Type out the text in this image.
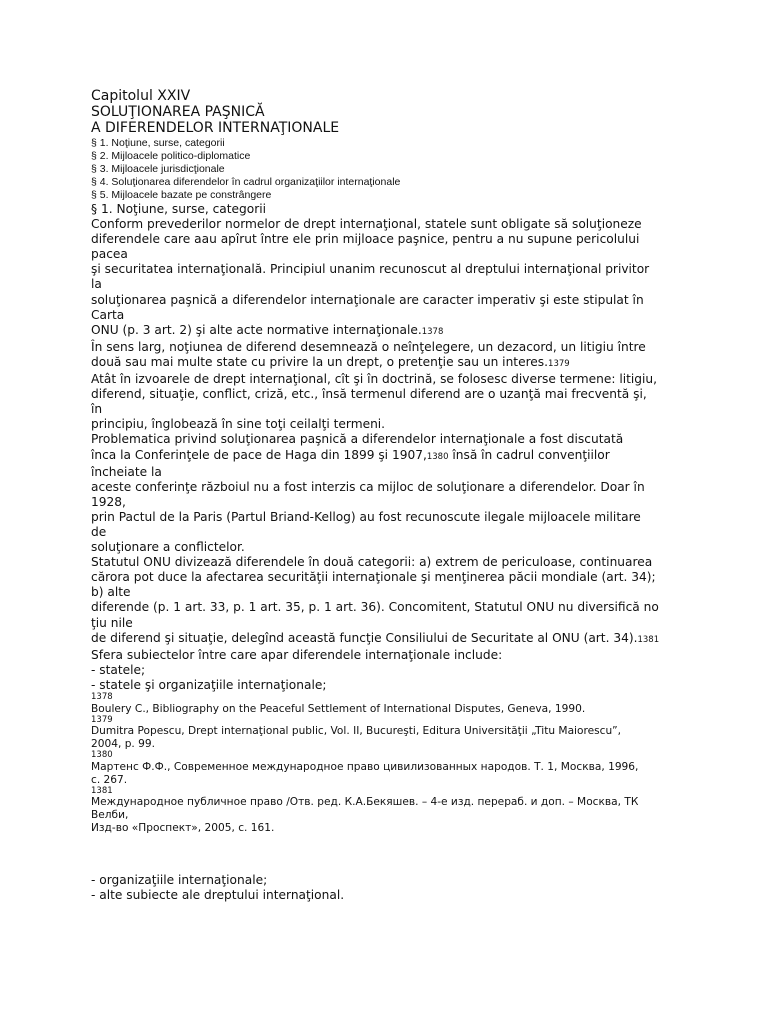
Capitolul XXIV
SOLUŢIONAREA PAŞNICĂ
A DIFERENDELOR INTERNAŢIONALE
§ 1. Noţiune, surse, categorii
§ 2. Mijloacele politico-diplomatice
§ 3. Mijloacele jurisdicţionale
§ 4. Soluţionarea diferendelor în cadrul organizaţiilor internaţionale
§ 5. Mijloacele bazate pe constrângere
§ 1. Noţiune, surse, categorii
Conform prevederilor normelor de drept internaţional, statele sunt obligate să soluţioneze
diferendele care aau apîrut între ele prin mijloace paşnice, pentru a nu supune pericolului
pacea
şi securitatea internaţională. Principiul unanim recunoscut al dreptului internaţional privitor
la
soluţionarea paşnică a diferendelor internaţionale are caracter imperativ şi este stipulat în
Carta
ONU (p. 3 art. 2) şi alte acte normative internaţionale.1378
În sens larg, noţiunea de diferend desemnează o neînţelegere, un dezacord, un litigiu între
două sau mai multe state cu privire la un drept, o pretenţie sau un interes.1379
Atât în izvoarele de drept internaţional, cît şi în doctrină, se folosesc diverse termene: litigiu,
diferend, situaţie, conflict, criză, etc., însă termenul diferend are o uzanţă mai frecventă şi,
în
principiu, înglobează în sine toţi ceilalţi termeni.
Problematica privind soluţionarea paşnică a diferendelor internaţionale a fost discutată
înca la Conferinţele de pace de Haga din 1899 şi 1907,1380 însă în cadrul convenţiilor
încheiate la
aceste conferinţe războiul nu a fost interzis ca mijloc de soluţionare a diferendelor. Doar în
1928,
prin Pactul de la Paris (Partul Briand-Kellog) au fost recunoscute ilegale mijloacele militare
de
soluţionare a conflictelor.
Statutul ONU divizează diferendele în două categorii: a) extrem de periculoase, continuarea
cărora pot duce la afectarea securităţii internaţionale şi menţinerea păcii mondiale (art. 34);
b) alte
diferende (p. 1 art. 33, p. 1 art. 35, p. 1 art. 36). Concomitent, Statutul ONU nu diversifică no
ţiu nile
de diferend şi situaţie, delegînd această funcţie Consiliului de Securitate al ONU (art. 34).1381
Sfera subiectelor între care apar diferendele internaţionale include:
- statele;
- statele şi organizaţiile internaţionale;
1378
Boulery C., Bibliography on the Peaceful Settlement of International Disputes, Geneva, 1990.
1379
Dumitra Popescu, Drept internaţional public, Vol. II, Bucureşti, Editura Universităţii „Titu Maiorescu”,
2004, p. 99.
1380
Мартенс Ф.Ф., Современное международное право цивилизованных народов. Т. 1, Москва, 1996,
с. 267.
1381
Международное публичное право /Отв. ред. К.А.Бекяшев. – 4-е изд. перераб. и доп. – Москва, ТК
Велби,
Изд-во «Проспект», 2005, с. 161.
- organizaţiile internaţionale;
- alte subiecte ale dreptului internaţional.
